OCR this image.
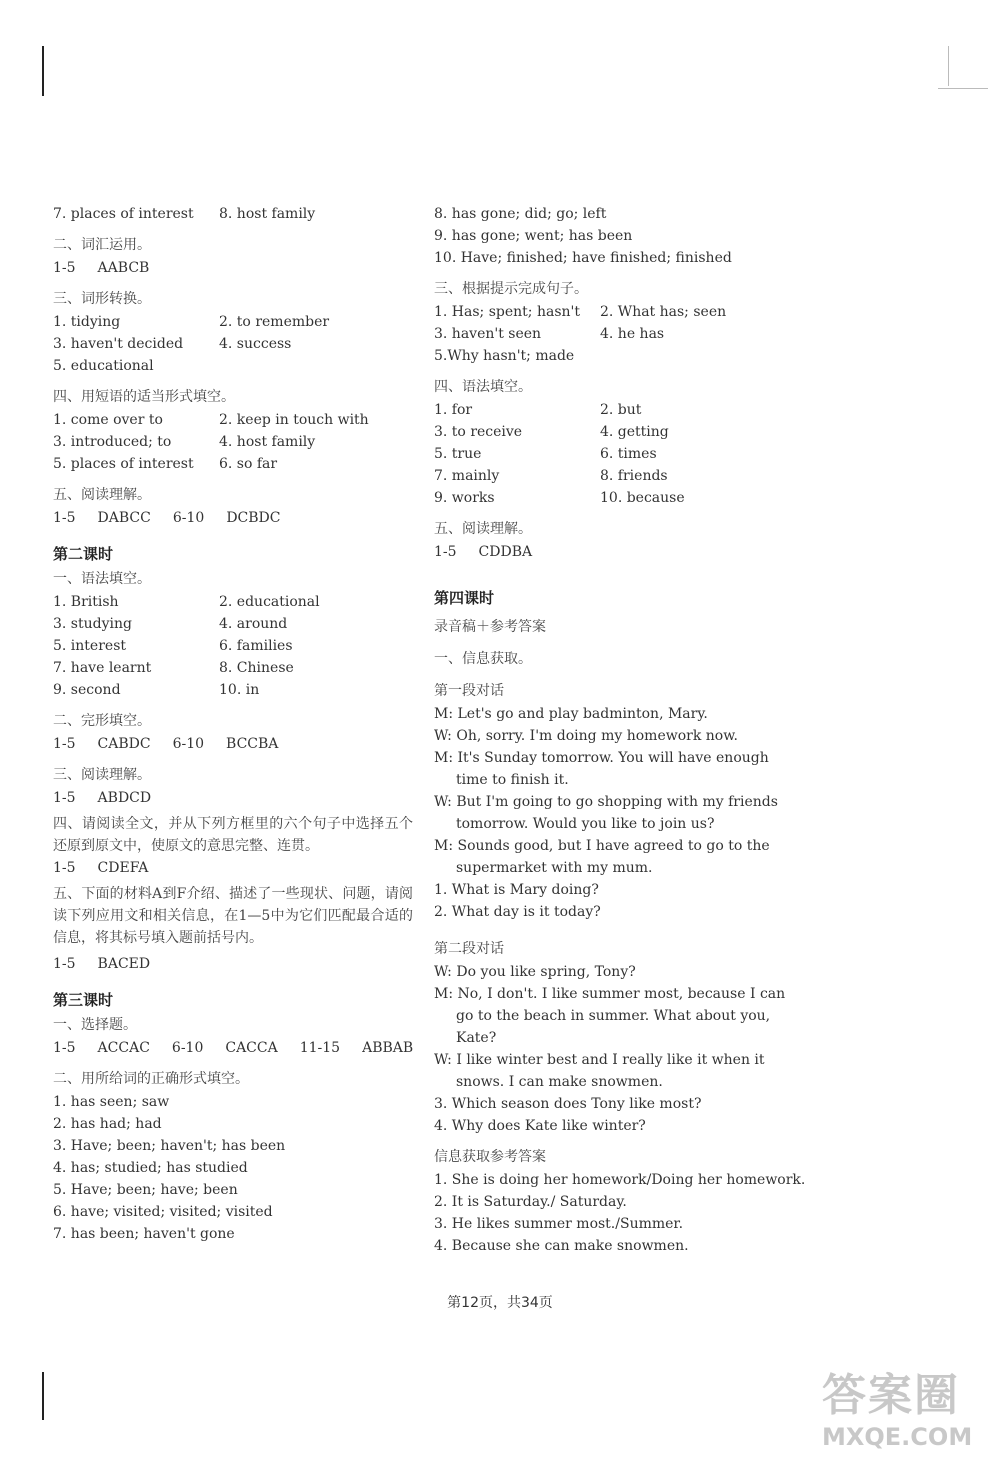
7. places of interest	8. host family
二、词汇运用。
1-5 AABCB
三、词形转换。
1. tidying	2. to remember
3. haven't decided	4. success
5. educational
四、用短语的适当形式填空。
1. come over to	2. keep in touch with
3. introduced; to	4. host family
5. places of interest	6. so far
五、阅读理解。
1-5 DABCC 6-10 DCBDC
第二课时
一、语法填空。
1. British	2. educational
3. studying	4. around
5. interest	6. families
7. have learnt	8. Chinese
9. second	10. in
二、完形填空。
1-5 CABDC 6-10 BCCBA
三、阅读理解。
1-5 ABDCD
四、请阅读全文，并从下列方框里的六个句子中选择五个还原到原文中，使原文的意思完整、连贯。
1-5 CDEFA
五、下面的材料A到F介绍、描述了一些现状、问题，请阅读下列应用文和相关信息，在1—5中为它们匹配最合适的信息，将其标号填入题前括号内。
1-5 BACED
第三课时
一、选择题。
1-5 ACCAC 6-10 CACCA 11-15 ABBAB
二、用所给词的正确形式填空。
1. has seen; saw
2. has had; had
3. Have; been; haven't; has been
4. has; studied; has studied
5. Have; been; have; been
6. have; visited; visited; visited
7. has been; haven't gone
8. has gone; did; go; left
9. has gone; went; has been
10. Have; finished; have finished; finished
三、根据提示完成句子。
1. Has; spent; hasn't	2. What has; seen
3. haven't seen	4. he has
5.Why hasn't; made
四、语法填空。
1. for	2. but
3. to receive	4. getting
5. true	6. times
7. mainly	8. friends
9. works	10. because
五、阅读理解。
1-5 CDDBA
第四课时
录音稿＋参考答案
一、信息获取。
第一段对话
M: Let's go and play badminton, Mary.
W: Oh, sorry. I'm doing my homework now.
M: It's Sunday tomorrow. You will have enough time to finish it.
W: But I'm going to go shopping with my friends tomorrow. Would you like to join us?
M: Sounds good, but I have agreed to go to the supermarket with my mum.
1. What is Mary doing?
2. What day is it today?
第二段对话
W: Do you like spring, Tony?
M: No, I don't. I like summer most, because I can go to the beach in summer. What about you, Kate?
W: I like winter best and I really like it when it snows. I can make snowmen.
3. Which season does Tony like most?
4. Why does Kate like winter?
信息获取参考答案
1. She is doing her homework/Doing her homework.
2. It is Saturday./ Saturday.
3. He likes summer most./Summer.
4. Because she can make snowmen.
第12页，共34页
答案圈
MXQE.COM
